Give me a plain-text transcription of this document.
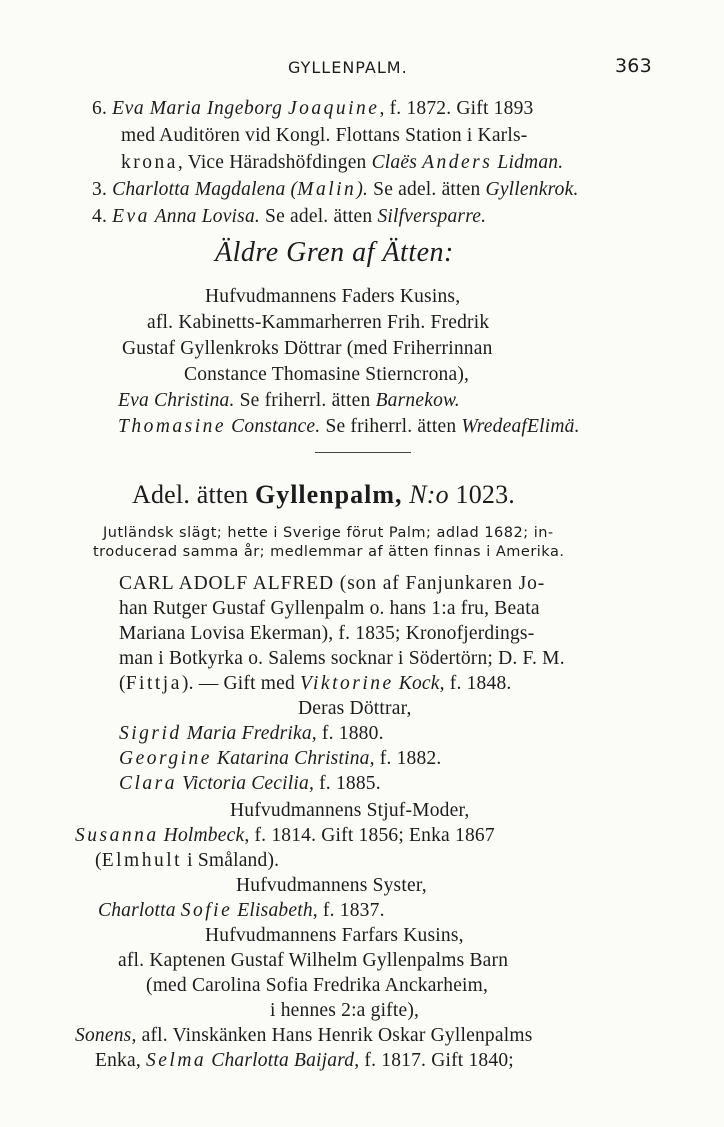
GYLLENPALM.	363
6. Eva Maria Ingeborg Joaquine, f. 1872. Gift 1893
med Auditören vid Kongl. Flottans Station i Karls-
krona, Vice Häradshöfdingen Claës Anders Lidman.
3. Charlotta Magdalena (Malin). Se adel. ätten Gyllenkrok.
4. Eva Anna Lovisa. Se adel. ätten Silfversparre.
Äldre Gren af Ätten:
Hufvudmannens Faders Kusins,
afl. Kabinetts-Kammarherren Frih. Fredrik
Gustaf Gyllenkroks Döttrar (med Friherrinnan
Constance Thomasine Stierncrona),
Eva Christina. Se friherrl. ätten Barnekow.
Thomasine Constance. Se friherrl. ätten WredeafElimä.
Adel. ätten Gyllenpalm, N:o 1023.
Jutländsk slägt; hette i Sverige förut Palm; adlad 1682; in-
troducerad samma år; medlemmar af ätten finnas i Amerika.
CARL ADOLF ALFRED (son af Fanjunkaren Jo-
han Rutger Gustaf Gyllenpalm o. hans 1:a fru, Beata
Mariana Lovisa Ekerman), f. 1835; Kronofjerdings-
man i Botkyrka o. Salems socknar i Södertörn; D. F. M.
(Fittja). — Gift med Viktorine Kock, f. 1848.
Deras Döttrar,
Sigrid Maria Fredrika, f. 1880.
Georgine Katarina Christina, f. 1882.
Clara Victoria Cecilia, f. 1885.
Hufvudmannens Stjuf-Moder,
Susanna Holmbeck, f. 1814. Gift 1856; Enka 1867
(Elmhult i Småland).
Hufvudmannens Syster,
Charlotta Sofie Elisabeth, f. 1837.
Hufvudmannens Farfars Kusins,
afl. Kaptenen Gustaf Wilhelm Gyllenpalms Barn
(med Carolina Sofia Fredrika Anckarheim,
i hennes 2:a gifte),
Sonens, afl. Vinskänken Hans Henrik Oskar Gyllenpalms
Enka, Selma Charlotta Baijard, f. 1817. Gift 1840;
